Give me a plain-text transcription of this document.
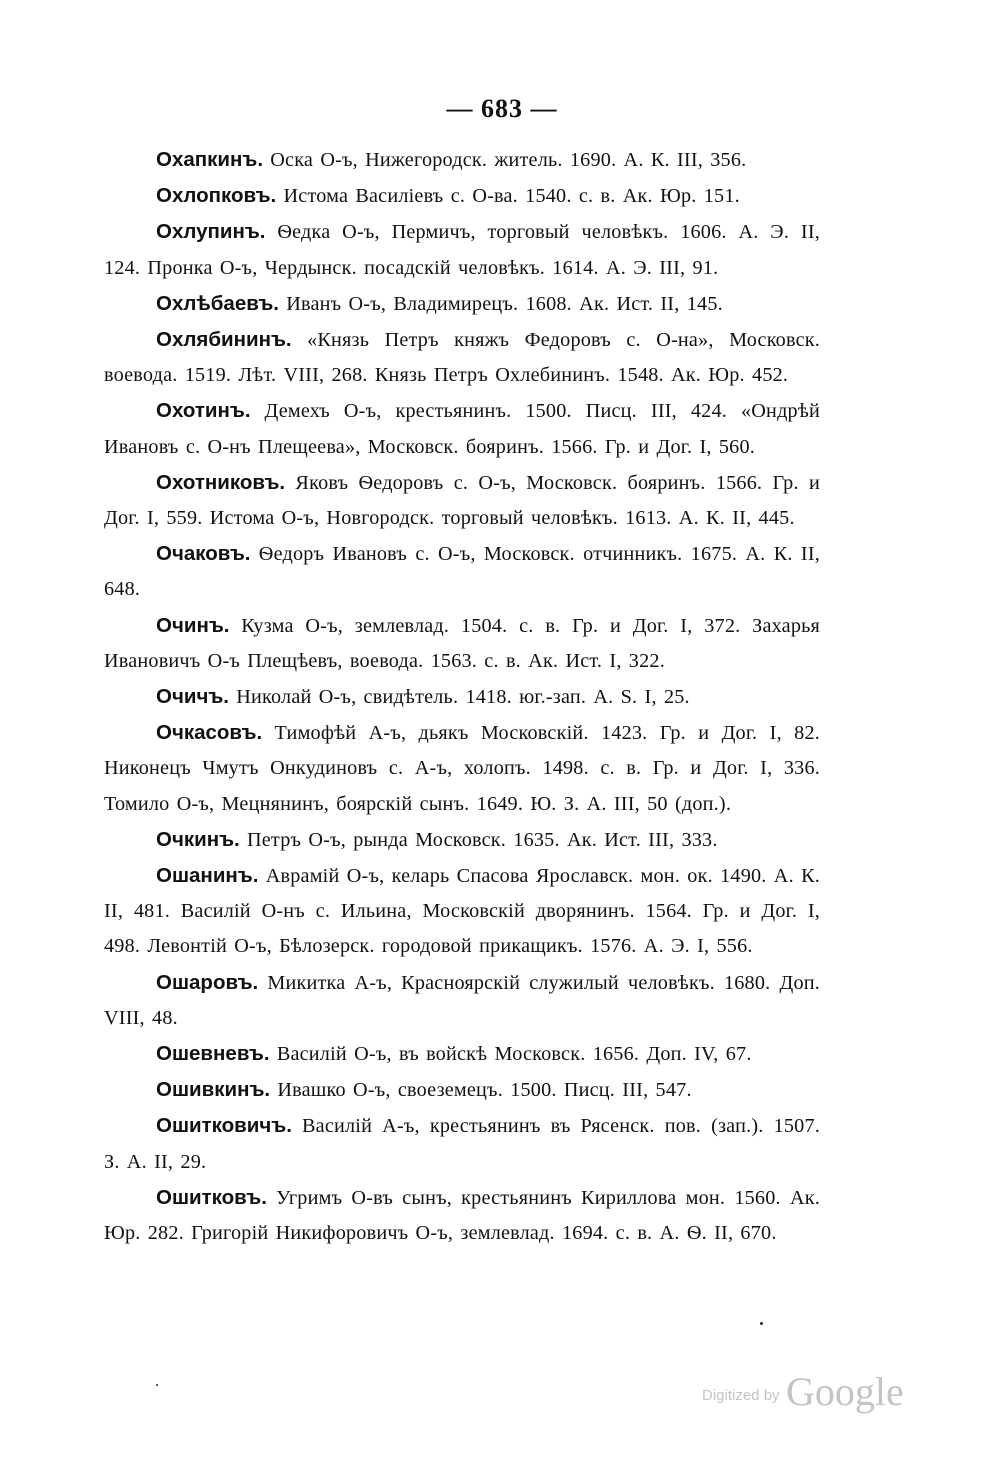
— 683 —

Охапкинъ. Оска О-ъ, Нижегородск. житель. 1690. А. К. III, 356.

Охлопковъ. Истома Василiевъ с. О-ва. 1540. с. в. Ак. Юр. 151.

Охлупинъ. Ѳедка О-ъ, Пермичъ, торговый человѣкъ. 1606. А. Э. II, 124. Пронка О-ъ, Чердынск. посадскiй человѣкъ. 1614. А. Э. III, 91.

Охлѣбаевъ. Иванъ О-ъ, Владимирецъ. 1608. Ак. Ист. II, 145.

Охлябининъ. «Князь Петръ княжъ Федоровъ с. О-на», Московск. воевода. 1519. Лѣт. VIII, 268. Князь Петръ Охлебининъ. 1548. Ак. Юр. 452.

Охотинъ. Демехъ О-ъ, крестьянинъ. 1500. Писц. III, 424. «Ондрѣй Ивановъ с. О-нъ Плещеева», Московск. бояринъ. 1566. Гр. и Дог. I, 560.

Охотниковъ. Яковъ Ѳедоровъ с. О-ъ, Московск. бояринъ. 1566. Гр. и Дог. I, 559. Истома О-ъ, Новгородск. торговый человѣкъ. 1613. А. К. II, 445.

Очаковъ. Ѳедоръ Ивановъ с. О-ъ, Московск. отчинникъ. 1675. А. К. II, 648.

Очинъ. Кузма О-ъ, землевлад. 1504. с. в. Гр. и Дог. I, 372. Захарья Ивановичъ О-ъ Плещѣевъ, воевода. 1563. с. в. Ак. Ист. I, 322.

Очичъ. Николай О-ъ, свидѣтель. 1418. юг.-зап. А. S. I, 25.

Очкасовъ. Тимофѣй А-ъ, дьякъ Московскiй. 1423. Гр. и Дог. I, 82. Никонецъ Чмутъ Онкудиновъ с. А-ъ, холопъ. 1498. с. в. Гр. и Дог. I, 336. Томило О-ъ, Мецнянинъ, боярскiй сынъ. 1649. Ю. З. А. III, 50 (доп.).

Очкинъ. Петръ О-ъ, рында Московск. 1635. Ак. Ист. III, 333.

Ошанинъ. Аврамiй О-ъ, келарь Спасова Ярославск. мон. ок. 1490. А. К. II, 481. Василiй О-нъ с. Ильина, Московскiй дворянинъ. 1564. Гр. и Дог. I, 498. Левонтiй О-ъ, Бѣлозерск. городовой прикащикъ. 1576. А. Э. I, 556.

Ошаровъ. Микитка А-ъ, Красноярскiй служилый человѣкъ. 1680. Доп. VIII, 48.

Ошевневъ. Василiй О-ъ, въ войскѣ Московск. 1656. Доп. IV, 67.

Ошивкинъ. Ивашко О-ъ, своеземецъ. 1500. Писц. III, 547.

Ошитковичъ. Василiй А-ъ, крестьянинъ въ Рясенск. пов. (зап.). 1507. З. А. II, 29.

Ошитковъ. Угримъ О-въ сынъ, крестьянинъ Кириллова мон. 1560. Ак. Юр. 282. Григорiй Никифоровичъ О-ъ, землевлад. 1694. с. в. А. Ѳ. II, 670.

Digitized by Google
